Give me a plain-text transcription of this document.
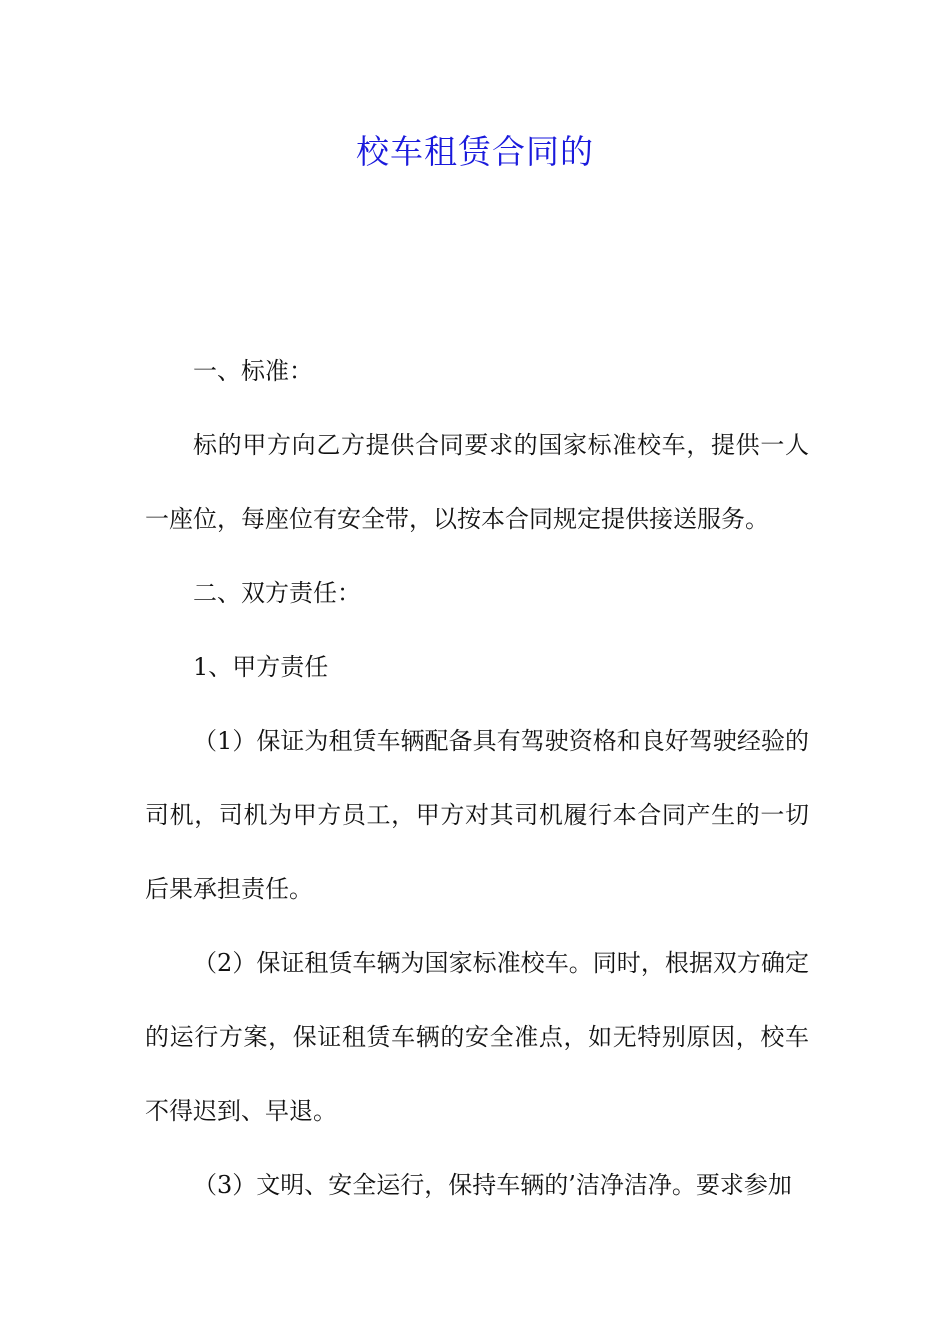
校车租赁合同的

一、标准：

标的甲方向乙方提供合同要求的国家标准校车，提供一人一座位，每座位有安全带，以按本合同规定提供接送服务。

二、双方责任：

1、甲方责任

（1）保证为租赁车辆配备具有驾驶资格和良好驾驶经验的司机，司机为甲方员工，甲方对其司机履行本合同产生的一切后果承担责任。

（2）保证租赁车辆为国家标准校车。同时，根据双方确定的运行方案，保证租赁车辆的安全准点，如无特别原因，校车不得迟到、早退。

（3）文明、安全运行，保持车辆的’洁净洁净。要求参加
